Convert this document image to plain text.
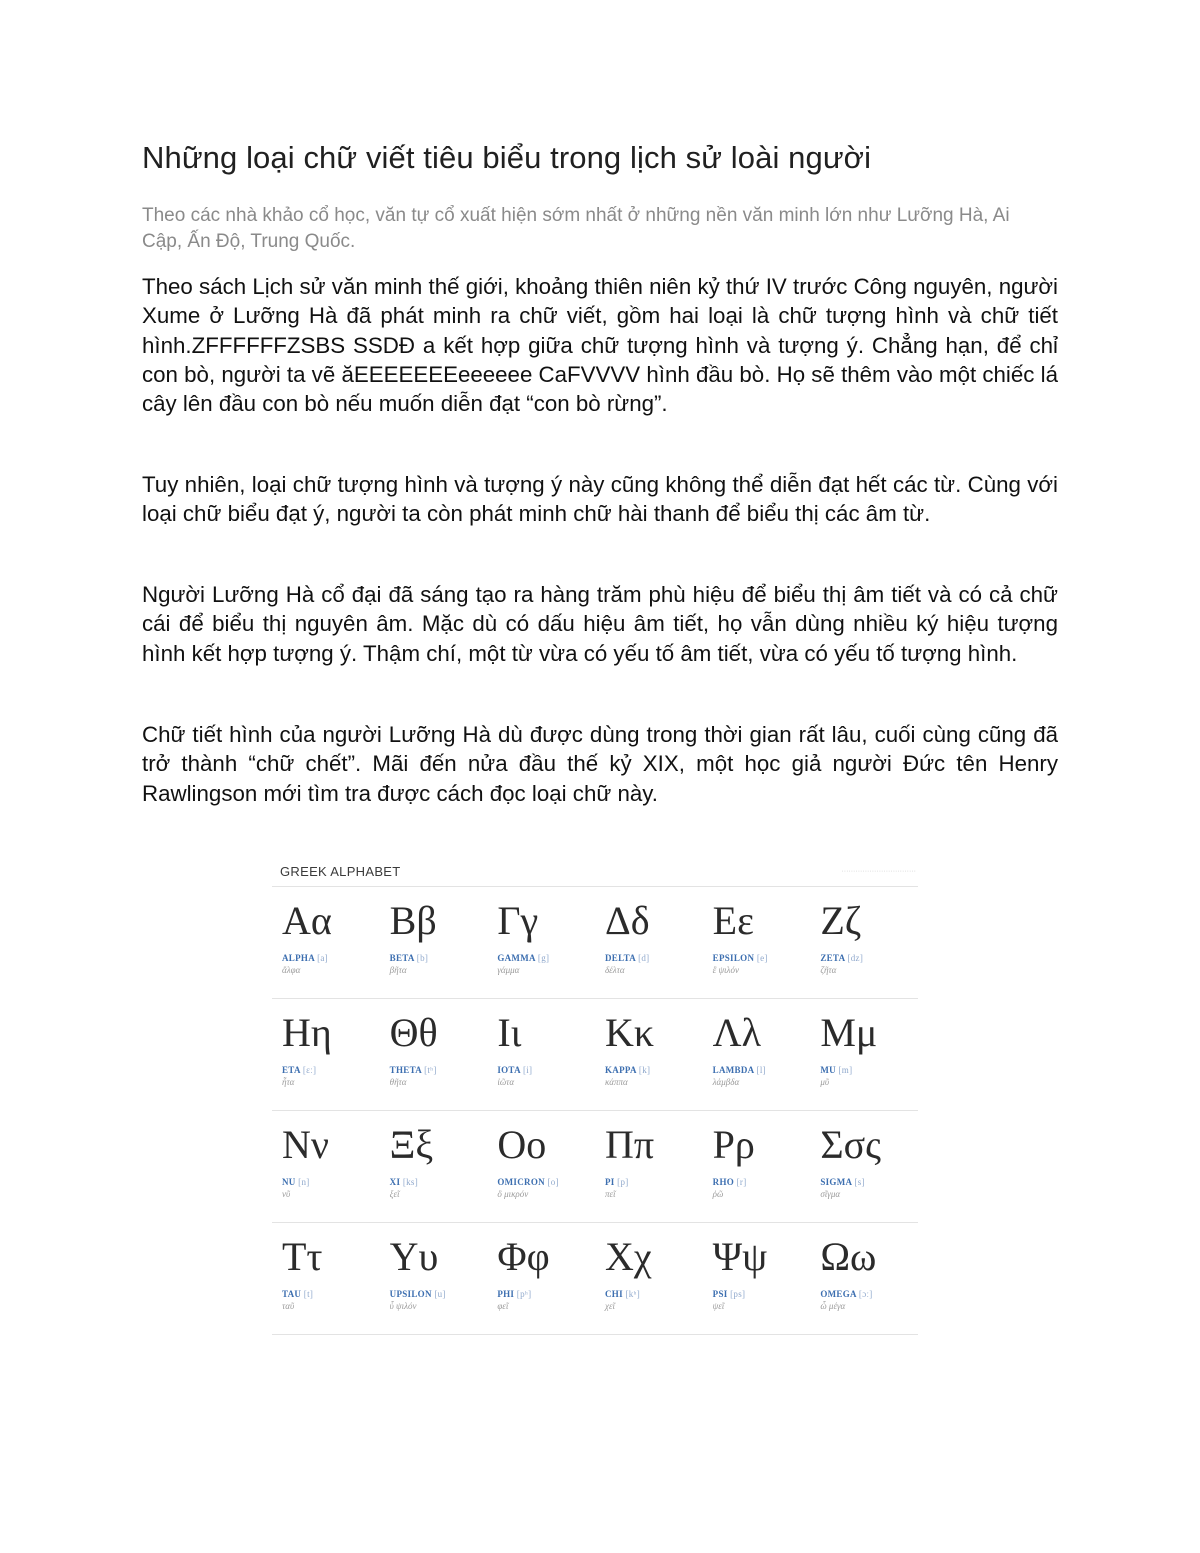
Những loại chữ viết tiêu biểu trong lịch sử loài người

Theo các nhà khảo cổ học, văn tự cổ xuất hiện sớm nhất ở những nền văn minh lớn như Lưỡng Hà, Ai Cập, Ấn Độ, Trung Quốc.

Theo sách Lịch sử văn minh thế giới, khoảng thiên niên kỷ thứ IV trước Công nguyên, người Xume ở Lưỡng Hà đã phát minh ra chữ viết, gồm hai loại là chữ tượng hình và chữ tiết hình.ZFFFFFFZSBS SSDĐ a kết hợp giữa chữ tượng hình và tượng ý. Chẳng hạn, để chỉ con bò, người ta vẽ ăEEEEEEEeeeeee CaFVVVV hình đầu bò. Họ sẽ thêm vào một chiếc lá cây lên đầu con bò nếu muốn diễn đạt “con bò rừng”.

Tuy nhiên, loại chữ tượng hình và tượng ý này cũng không thể diễn đạt hết các từ. Cùng với loại chữ biểu đạt ý, người ta còn phát minh chữ hài thanh để biểu thị các âm từ.

Người Lưỡng Hà cổ đại đã sáng tạo ra hàng trăm phù hiệu để biểu thị âm tiết và có cả chữ cái để biểu thị nguyên âm. Mặc dù có dấu hiệu âm tiết, họ vẫn dùng nhiều ký hiệu tượng hình kết hợp tượng ý. Thậm chí, một từ vừa có yếu tố âm tiết, vừa có yếu tố tượng hình.

Chữ tiết hình của người Lưỡng Hà dù được dùng trong thời gian rất lâu, cuối cùng cũng đã trở thành “chữ chết”. Mãi đến nửa đầu thế kỷ XIX, một học giả người Đức tên Henry Rawlingson mới tìm tra được cách đọc loại chữ này.

GREEK ALPHABET	································
Αα
ALPHA [a]
ἄλφα
Ββ
BETA [b]
βῆτα
Γγ
GAMMA [g]
γάμμα
Δδ
DELTA [d]
δέλτα
Εε
EPSILON [e]
ἒ ψιλόν
Ζζ
ZETA [dz]
ζῆτα
Ηη
ETA [ɛː]
ἦτα
Θθ
THETA [tʰ]
θῆτα
Ιι
IOTA [i]
ἰῶτα
Κκ
KAPPA [k]
κάππα
Λλ
LAMBDA [l]
λάμβδα
Μμ
MU [m]
μῦ
Νν
NU [n]
νῦ
Ξξ
XI [ks]
ξεῖ
Οο
OMICRON [o]
ὂ μικρόν
Ππ
PI [p]
πεῖ
Ρρ
RHO [r]
ῥῶ
Σσς
SIGMA [s]
σῖγμα
Ττ
TAU [t]
ταῦ
Υυ
UPSILON [u]
ὖ ψιλόν
Φφ
PHI [pʰ]
φεῖ
Χχ
CHI [kʰ]
χεῖ
Ψψ
PSI [ps]
ψεῖ
Ωω
OMEGA [ɔː]
ὦ μέγα
